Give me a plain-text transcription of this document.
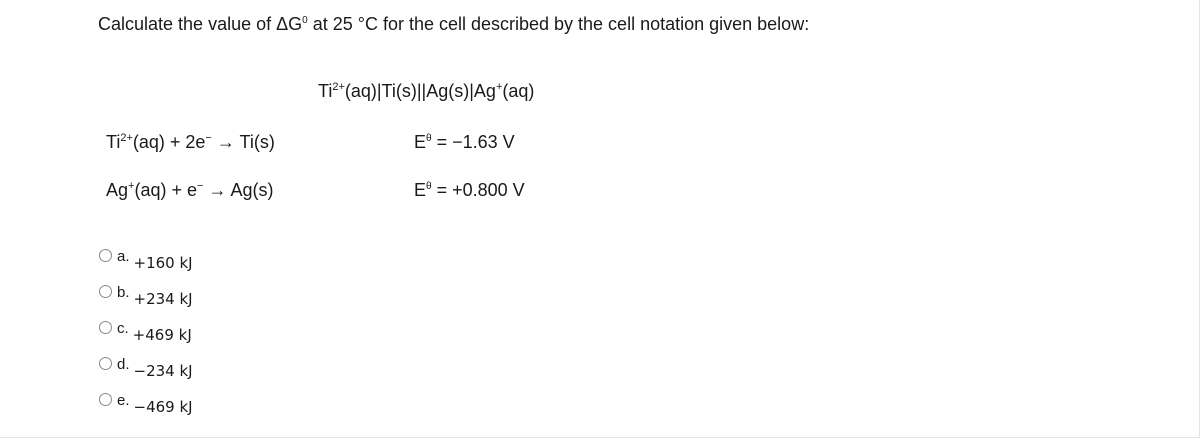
Calculate the value of $\Delta G^0$ at 25 °C for the cell described by the cell notation given below:
$Ti^{2+}(aq)|Ti(s)||Ag(s)|Ag^+(aq)$
$Ti^{2+}(aq) + 2e^- \to Ti(s)$	$E^\theta = -1.63$ V
Ag+(aq) + e− → Ag(s)	$E^\theta = +0.800$ V
a. +160 kJ
b. +234 kJ
c. +469 kJ
d. −234 kJ
e. −469 kJ
